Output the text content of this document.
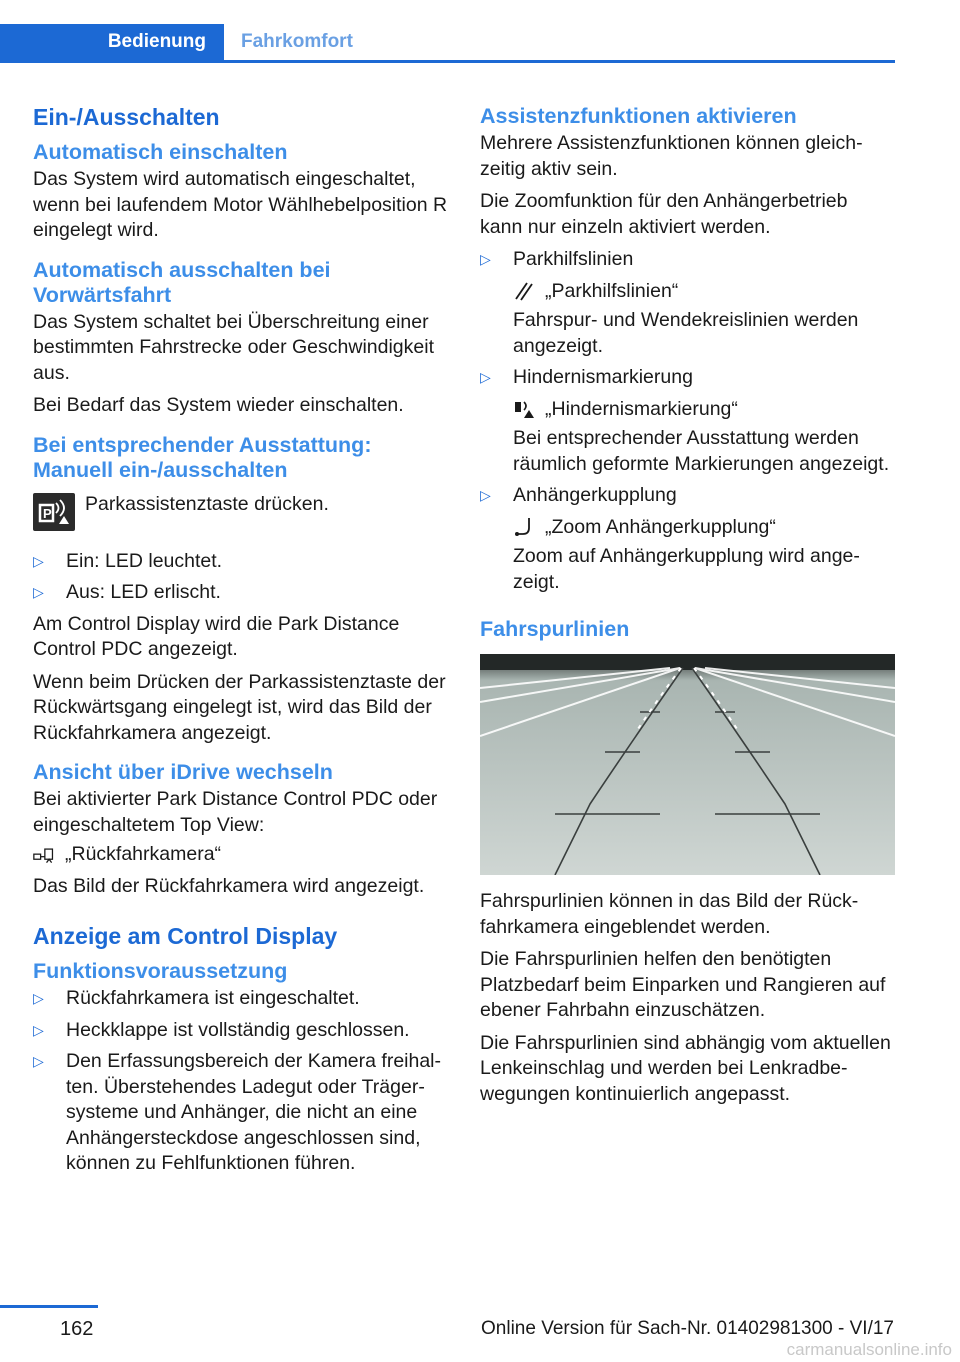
Bedienung	Fahrkomfort
Ein-/Ausschalten
Automatisch einschalten

Das System wird automatisch eingeschaltet, wenn bei laufendem Motor Wählhebelposition R eingelegt wird.

Automatisch ausschalten bei Vorwärtsfahrt

Das System schaltet bei Überschreitung einer bestimmten Fahrstrecke oder Geschwindigkeit aus.

Bei Bedarf das System wieder einschalten.

Bei entsprechender Ausstattung: Manuell ein-/ausschalten
P Parkassistenztaste drücken.
▷ Ein: LED leuchtet.
▷ Aus: LED erlischt.

Am Control Display wird die Park Distance Control PDC angezeigt.

Wenn beim Drücken der Parkassistenztaste der Rückwärtsgang eingelegt ist, wird das Bild der Rückfahrkamera angezeigt.

Ansicht über iDrive wechseln

Bei aktivierter Park Distance Control PDC oder eingeschaltetem Top View:

„Rückfahrkamera“

Das Bild der Rückfahrkamera wird angezeigt.

Anzeige am Control Display
Funktionsvoraussetzung
▷ Rückfahrkamera ist eingeschaltet.
▷ Heckklappe ist vollständig geschlossen.
▷ Den Erfassungsbereich der Kamera freihalten. Überstehendes Ladegut oder Trägersysteme und Anhänger, die nicht an eine Anhängersteckdose angeschlossen sind, können zu Fehlfunktionen führen.
Assistenzfunktionen aktivieren

Mehrere Assistenzfunktionen können gleichzeitig aktiv sein.

Die Zoomfunktion für den Anhängerbetrieb kann nur einzeln aktiviert werden.

▷ Parkhilfslinien
„Parkhilfslinien“
Fahrspur- und Wendekreislinien werden angezeigt.
▷ Hindernismarkierung
„Hindernismarkierung“
Bei entsprechender Ausstattung werden räumlich geformte Markierungen angezeigt.
▷ Anhängerkupplung
„Zoom Anhängerkupplung“
Zoom auf Anhängerkupplung wird angezeigt.
Fahrspurlinien

Fahrspurlinien können in das Bild der Rückfahrkamera eingeblendet werden.

Die Fahrspurlinien helfen den benötigten Platzbedarf beim Einparken und Rangieren auf ebener Fahrbahn einzuschätzen.

Die Fahrspurlinien sind abhängig vom aktuellen Lenkeinschlag und werden bei Lenkradbewegungen kontinuierlich angepasst.

162	Online Version für Sach-Nr. 01402981300 - VI/17
carmanualsonline.info
